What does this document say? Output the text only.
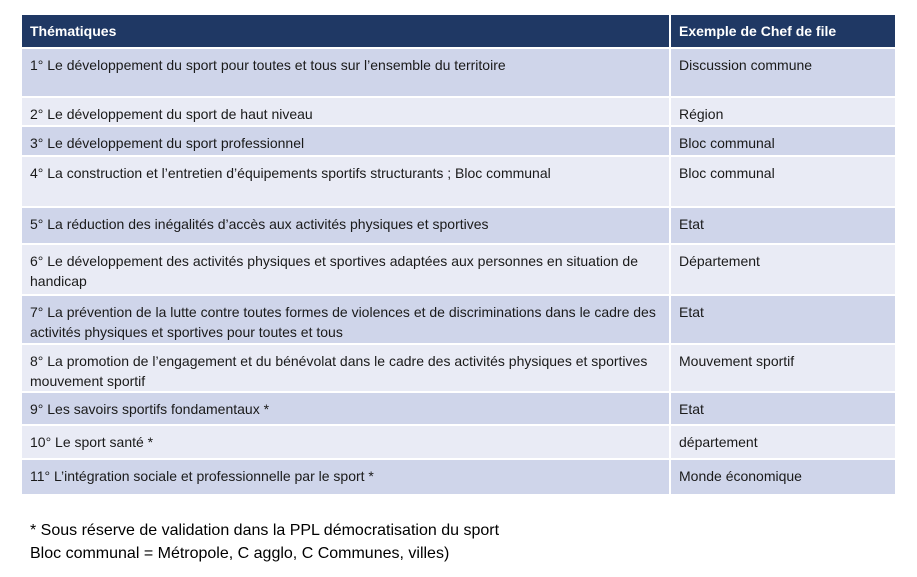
Thématiques	Exemple de Chef de file
1° Le développement du sport pour toutes et tous sur l’ensemble du territoire	Discussion commune
2° Le développement du sport de haut niveau	Région
3° Le développement du sport professionnel	Bloc communal
4° La construction et l’entretien d’équipements sportifs structurants ; Bloc communal	Bloc communal
5° La réduction des inégalités d’accès aux activités physiques et sportives	Etat
6° Le développement des activités physiques et sportives adaptées aux personnes en situation de handicap	Département
7° La prévention de la lutte contre toutes formes de violences et de discriminations dans le cadre des activités physiques et sportives pour toutes et tous	Etat
8° La promotion de l’engagement et du bénévolat dans le cadre des activités physiques et sportives mouvement sportif	Mouvement sportif
9° Les savoirs sportifs fondamentaux *	Etat
10° Le sport santé *	département
11° L’intégration sociale et professionnelle par le sport *	Monde économique
* Sous réserve de validation dans la PPL démocratisation du sport
Bloc communal = Métropole, C agglo, C Communes, villes)
